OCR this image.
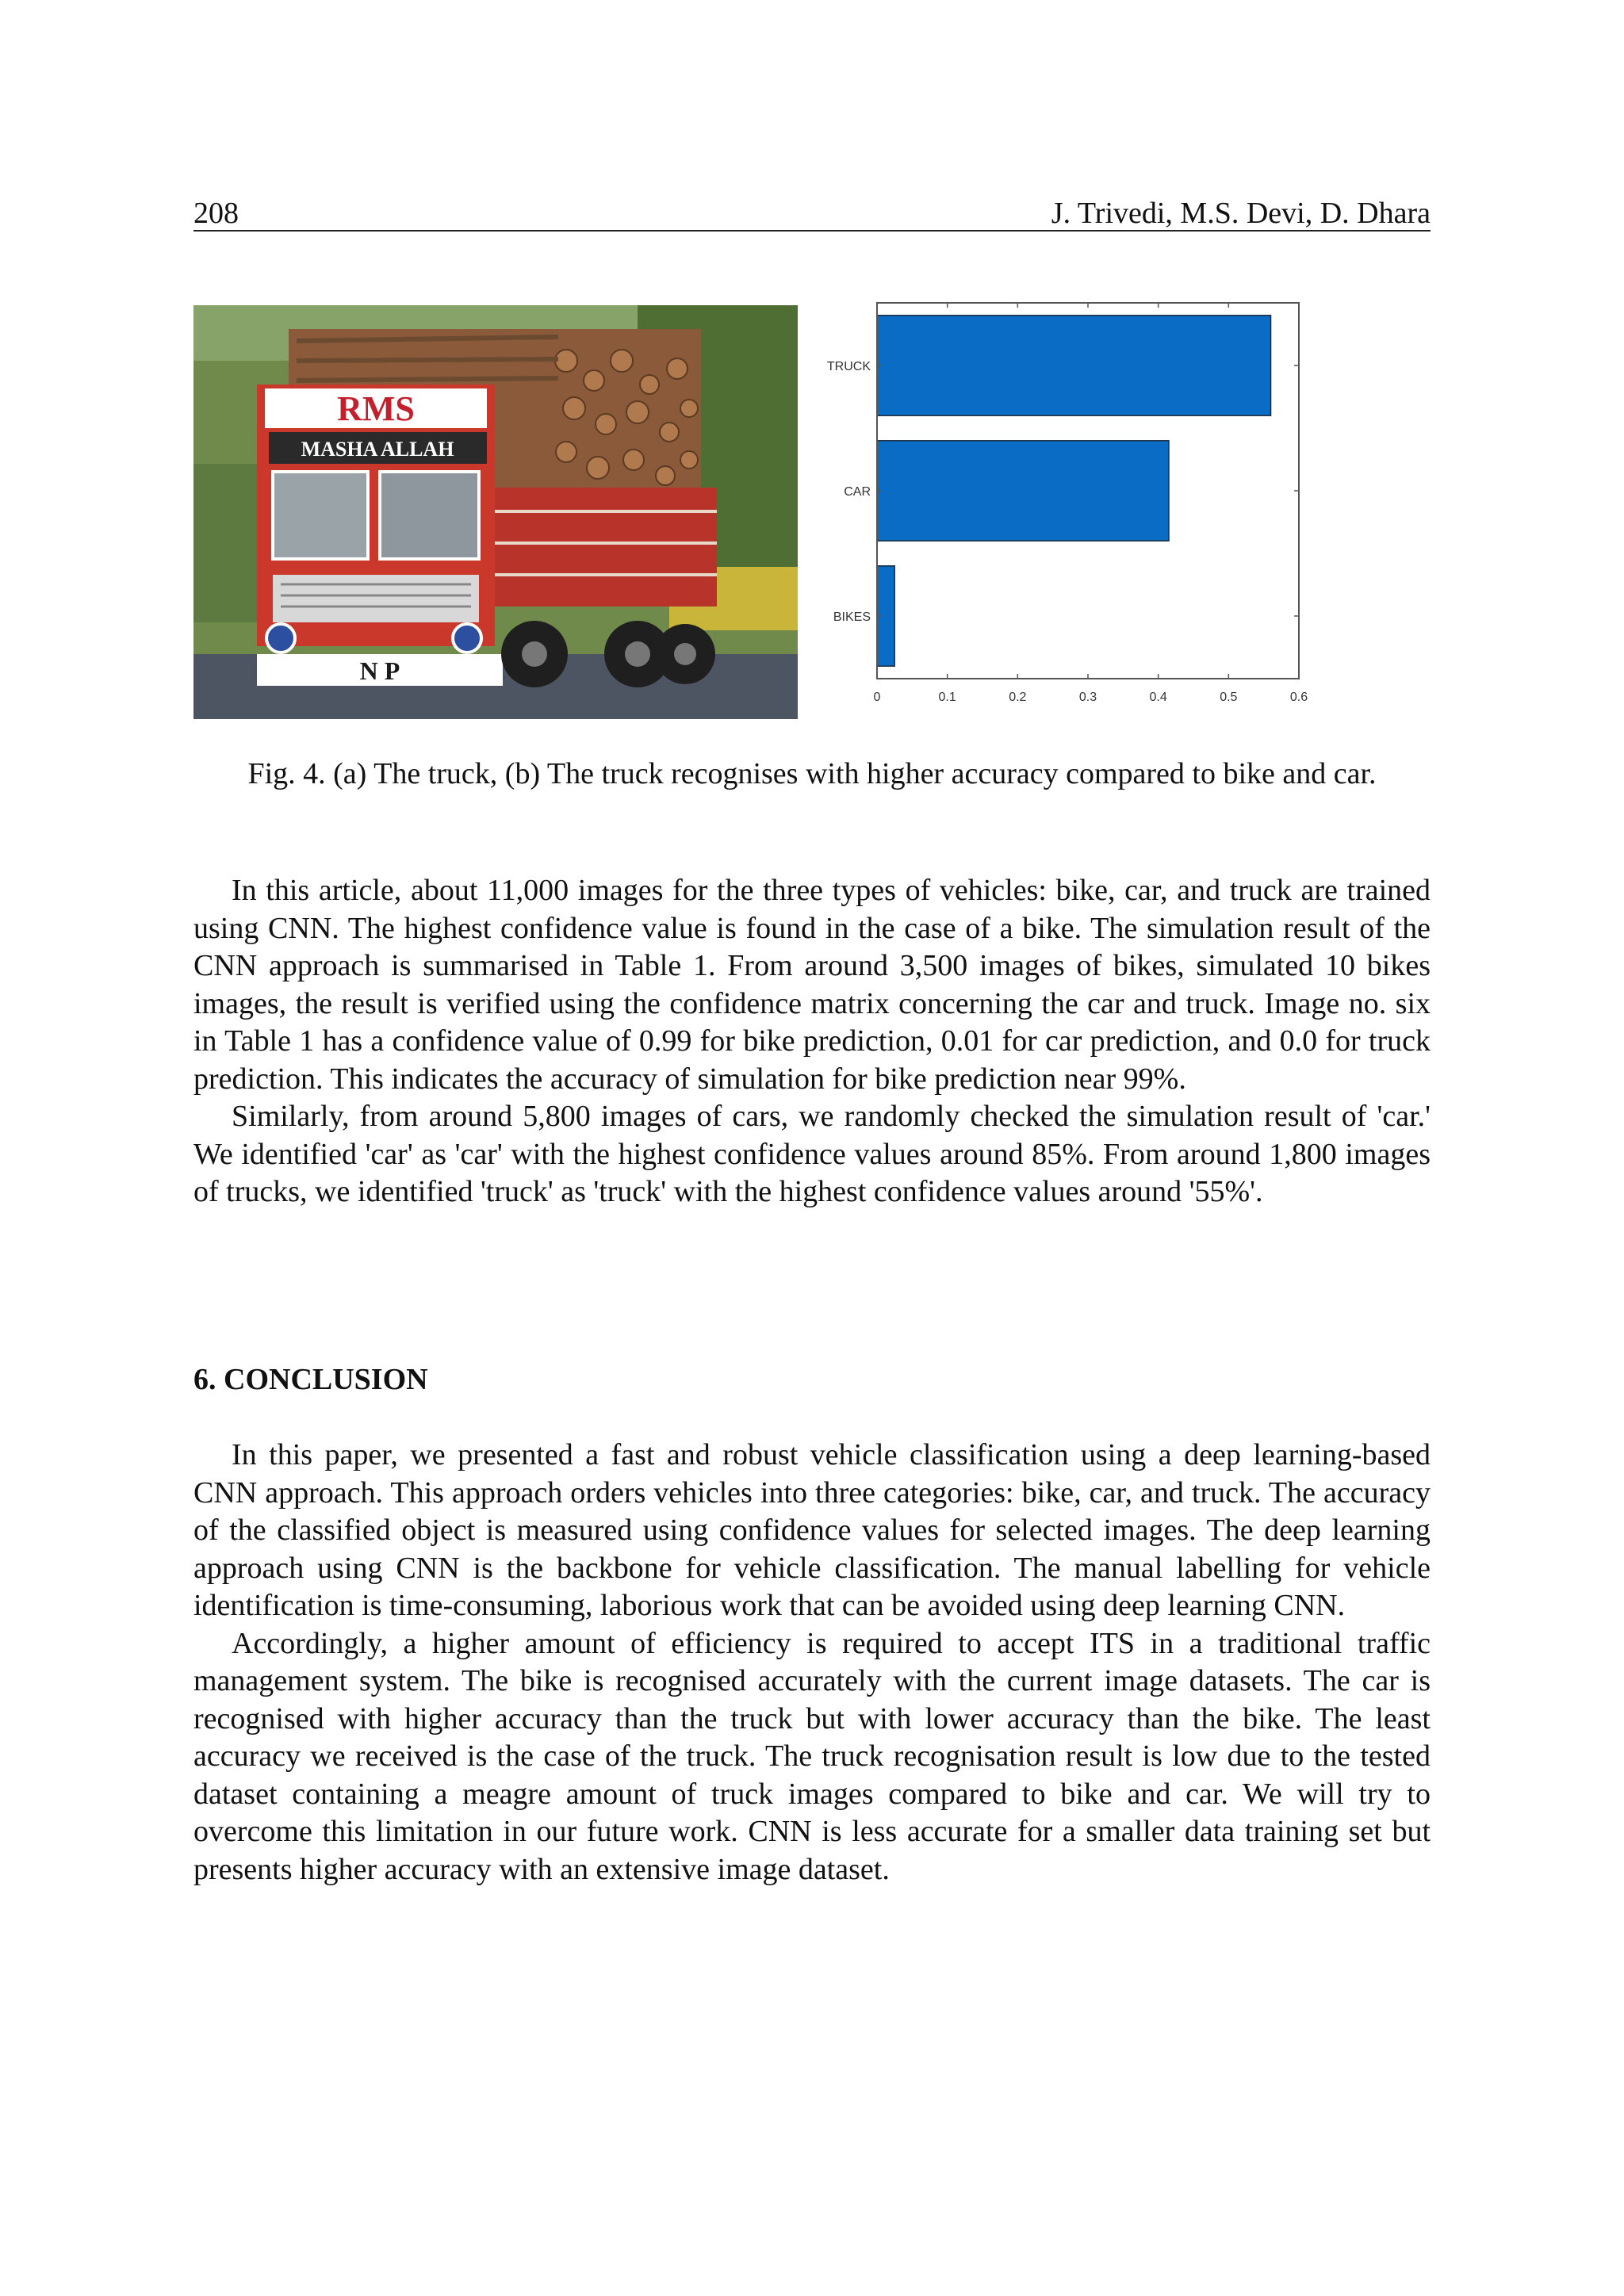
208	J. Trivedi, M.S. Devi, D. Dhara
RMS
MASHA ALLAH
N P
TRUCK
CAR
BIKES
0	0.1	0.2	0.3	0.4	0.5	0.6
Fig. 4. (a) The truck, (b) The truck recognises with higher accuracy compared to bike and car.

In this article, about 11,000 images for the three types of vehicles: bike, car, and truck are trained using CNN. The highest confidence value is found in the case of a bike. The simulation result of the CNN approach is summarised in Table 1. From around 3,500 images of bikes, simulated 10 bikes images, the result is verified using the confidence matrix concerning the car and truck. Image no. six in Table 1 has a confidence value of 0.99 for bike prediction, 0.01 for car prediction, and 0.0 for truck prediction. This indicates the accuracy of simulation for bike prediction near 99%.

Similarly, from around 5,800 images of cars, we randomly checked the simulation result of 'car.' We identified 'car' as 'car' with the highest confidence values around 85%. From around 1,800 images of trucks, we identified 'truck' as 'truck' with the highest confidence values around '55%'.

6. CONCLUSION

In this paper, we presented a fast and robust vehicle classification using a deep learning-based CNN approach. This approach orders vehicles into three categories: bike, car, and truck. The accuracy of the classified object is measured using confidence values for selected images. The deep learning approach using CNN is the backbone for vehicle classification. The manual labelling for vehicle identification is time-consuming, laborious work that can be avoided using deep learning CNN.

Accordingly, a higher amount of efficiency is required to accept ITS in a traditional traffic management system. The bike is recognised accurately with the current image datasets. The car is recognised with higher accuracy than the truck but with lower accuracy than the bike. The least accuracy we received is the case of the truck. The truck recognisation result is low due to the tested dataset containing a meagre amount of truck images compared to bike and car. We will try to overcome this limitation in our future work. CNN is less accurate for a smaller data training set but presents higher accuracy with an extensive image dataset.
